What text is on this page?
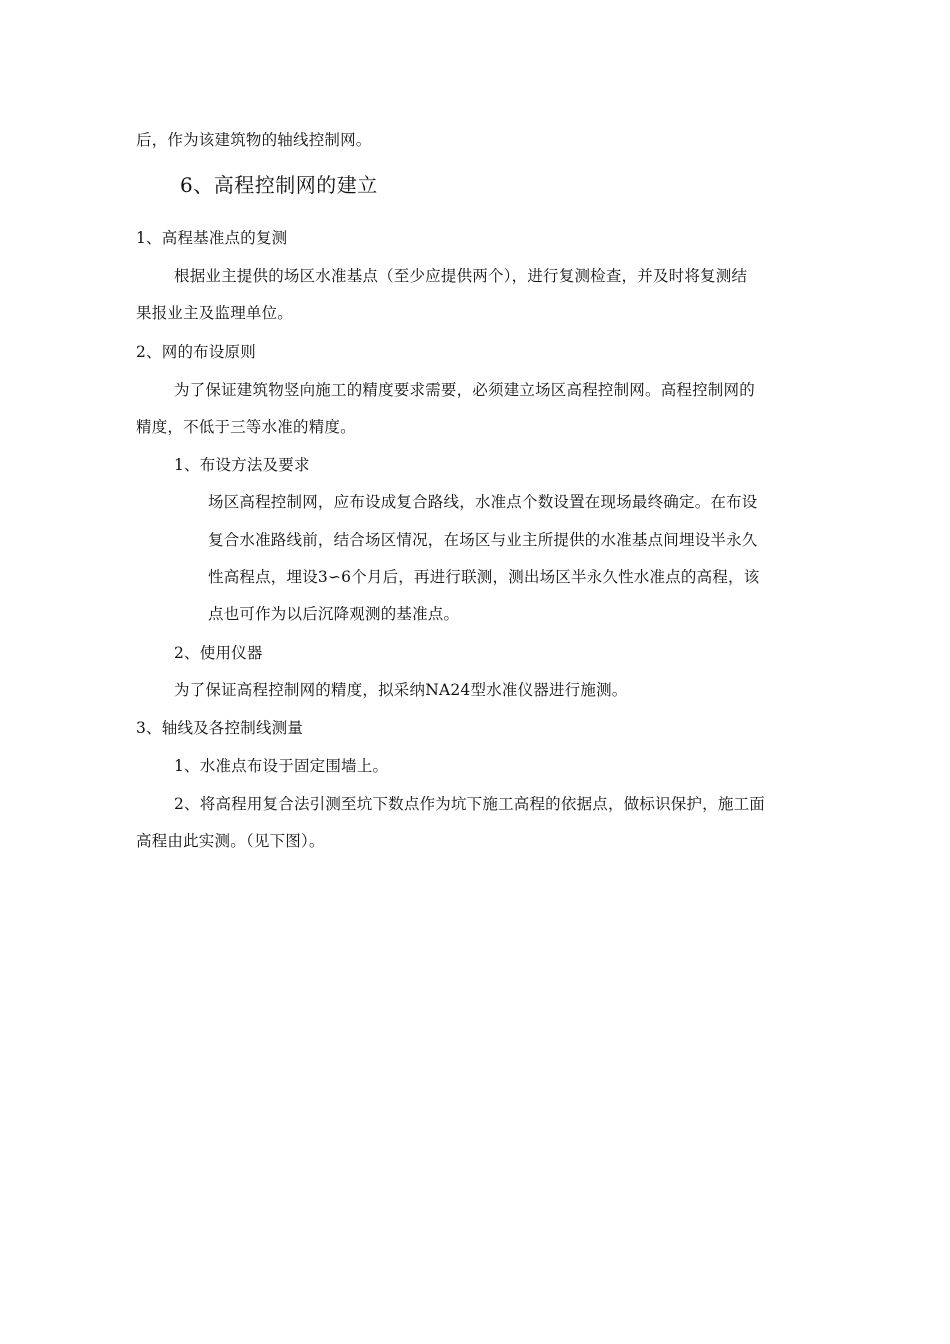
后，作为该建筑物的轴线控制网。
6、高程控制网的建立
1、高程基准点的复测
根据业主提供的场区水准基点（至少应提供两个），进行复测检查，并及时将复测结
果报业主及监理单位。
2、网的布设原则
为了保证建筑物竖向施工的精度要求需要，必须建立场区高程控制网。高程控制网的
精度，不低于三等水准的精度。
1、布设方法及要求
场区高程控制网，应布设成复合路线，水准点个数设置在现场最终确定。在布设
复合水准路线前，结合场区情况，在场区与业主所提供的水准基点间埋设半永久
性高程点，埋设3∽6个月后，再进行联测，测出场区半永久性水准点的高程，该
点也可作为以后沉降观测的基准点。
2、使用仪器
为了保证高程控制网的精度，拟采纳NA24型水准仪器进行施测。
3、轴线及各控制线测量
1、水准点布设于固定围墙上。
2、将高程用复合法引测至坑下数点作为坑下施工高程的依据点，做标识保护，施工面
高程由此实测。（见下图）。
